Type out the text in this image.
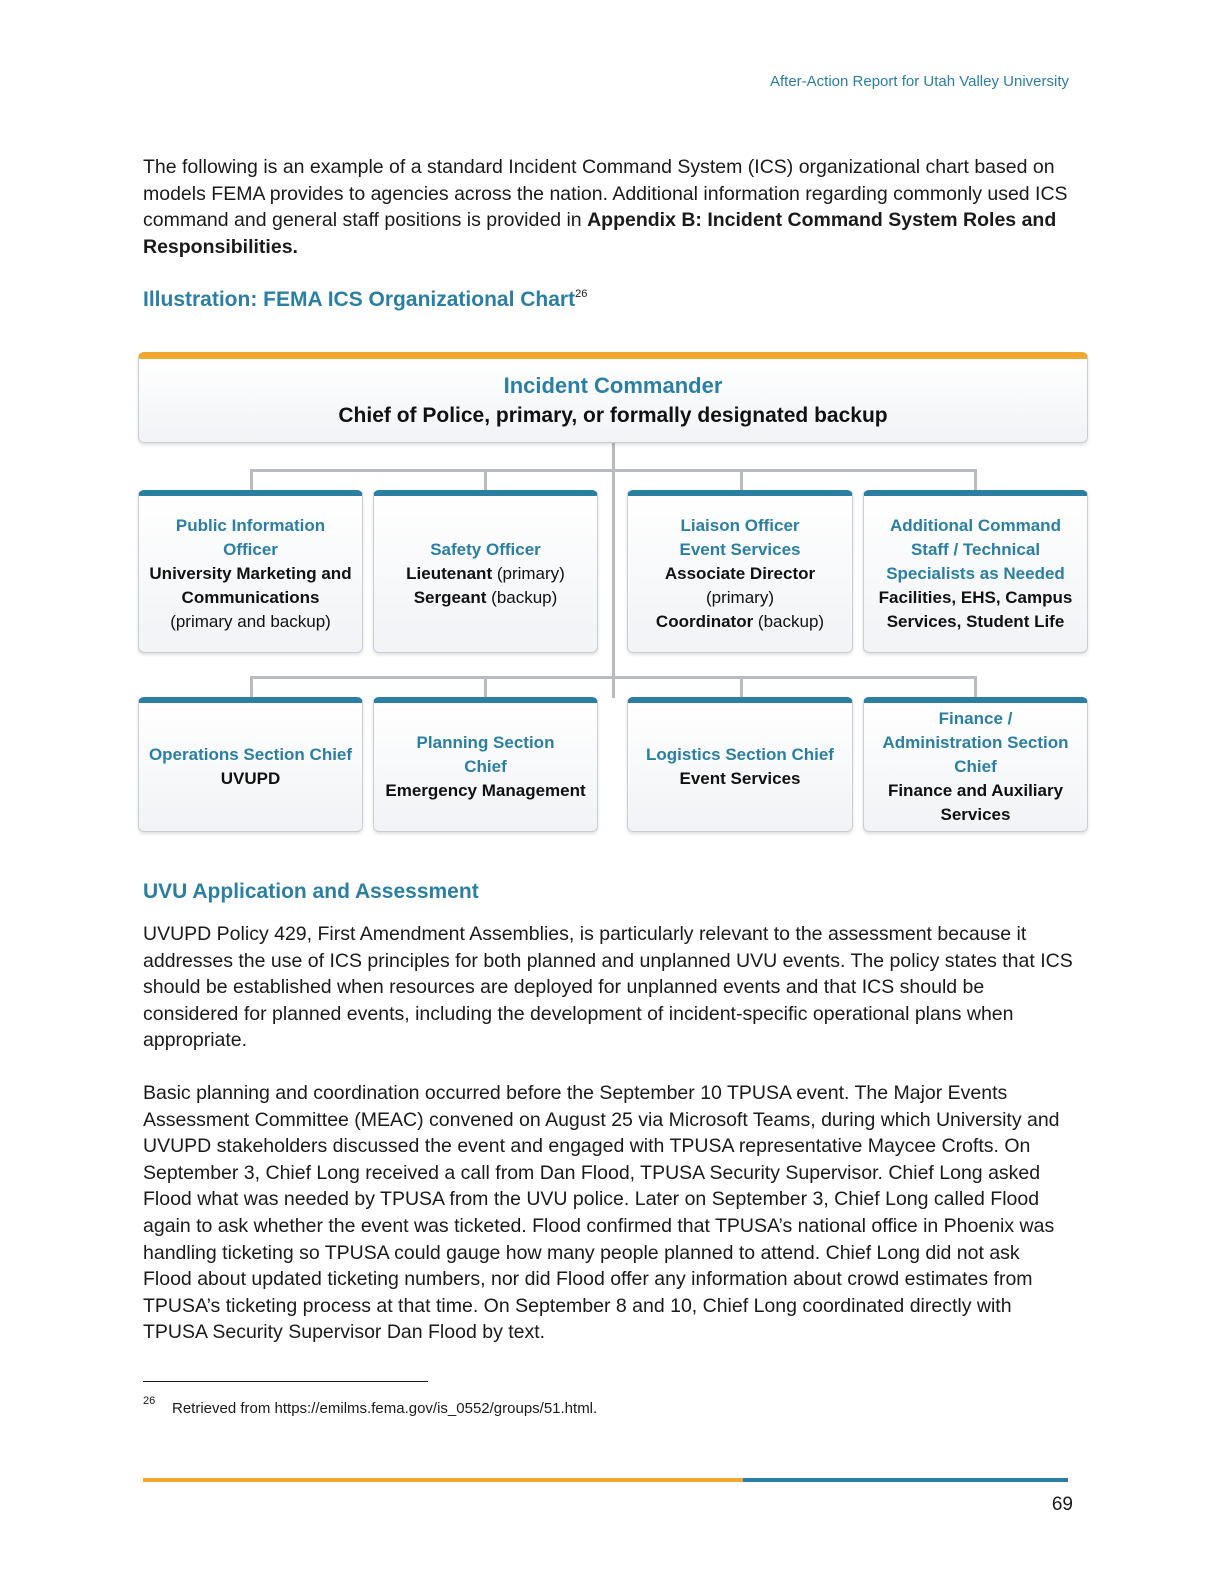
After-Action Report for Utah Valley University

The following is an example of a standard Incident Command System (ICS) organizational chart based on models FEMA provides to agencies across the nation. Additional information regarding commonly used ICS command and general staff positions is provided in Appendix B: Incident Command System Roles and Responsibilities.

Illustration: FEMA ICS Organizational Chart$^{26}$
Incident Commander
Chief of Police, primary, or formally designated backup
Public Information Officer
University Marketing and Communications
(primary and backup)
Safety Officer
Lieutenant (primary)
Sergeant (backup)
Liaison Officer
Event Services
Associate Director
(primary)
Coordinator (backup)
Additional Command Staff / Technical Specialists as Needed
Facilities, EHS, Campus Services, Student Life
Operations Section Chief
UVUPD
Planning Section Chief
Emergency Management
Logistics Section Chief
Event Services
Finance / Administration Section Chief
Finance and Auxiliary Services
UVU Application and Assessment

UVUPD Policy 429, First Amendment Assemblies, is particularly relevant to the assessment because it addresses the use of ICS principles for both planned and unplanned UVU events. The policy states that ICS should be established when resources are deployed for unplanned events and that ICS should be considered for planned events, including the development of incident-specific operational plans when appropriate.

Basic planning and coordination occurred before the September 10 TPUSA event. The Major Events Assessment Committee (MEAC) convened on August 25 via Microsoft Teams, during which University and UVUPD stakeholders discussed the event and engaged with TPUSA representative Maycee Crofts. On September 3, Chief Long received a call from Dan Flood, TPUSA Security Supervisor. Chief Long asked Flood what was needed by TPUSA from the UVU police. Later on September 3, Chief Long called Flood again to ask whether the event was ticketed. Flood confirmed that TPUSA’s national office in Phoenix was handling ticketing so TPUSA could gauge how many people planned to attend. Chief Long did not ask Flood about updated ticketing numbers, nor did Flood offer any information about crowd estimates from TPUSA’s ticketing process at that time. On September 8 and 10, Chief Long coordinated directly with TPUSA Security Supervisor Dan Flood by text.

26 Retrieved from https://emilms.fema.gov/is_0552/groups/51.html.
69
